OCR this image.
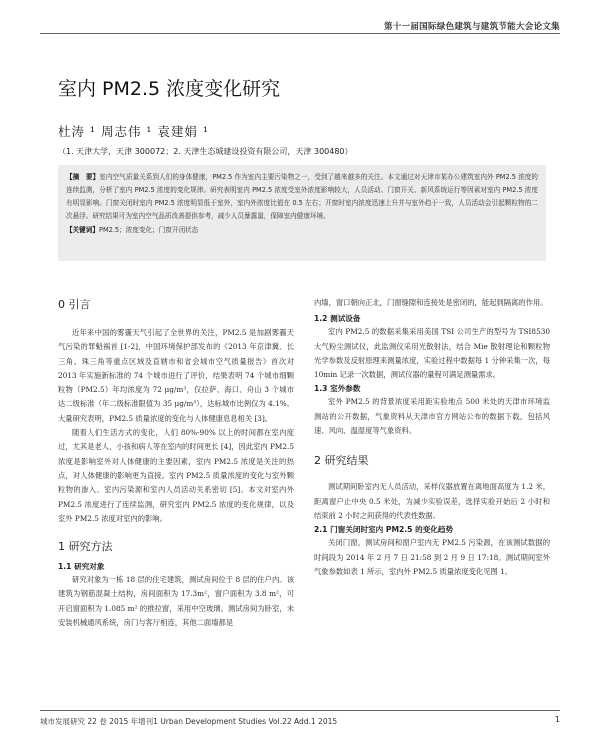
第十一届国际绿色建筑与建筑节能大会论文集
室内 PM2.5 浓度变化研究
杜涛 ¹ 周志伟 ¹ 袁建娟 ¹
（1. 天津大学，天津 300072；2. 天津生态城建设投资有限公司，天津 300480）

【摘　要】室内空气质量关系到人们的身体健康，PM2.5 作为室内主要污染物之一，受到了越来越多的关注。本文通过对天津市某办公建筑室内外 PM2.5 浓度的连续监测，分析了室内 PM2.5 浓度的变化规律。研究表明室内 PM2.5 浓度受室外浓度影响较大，人员活动、门窗开关、新风系统运行等因素对室内 PM2.5 浓度有明显影响。门窗关闭时室内 PM2.5 浓度明显低于室外，室内外浓度比值在 0.5 左右；开窗时室内浓度迅速上升并与室外趋于一致，人员活动会引起颗粒物的二次悬浮。研究结果可为室内空气品质改善提供参考，减少人员暴露量，保障室内健康环境。

【关键词】PM2.5；浓度变化；门窗开闭状态

0 引言

近年来中国的雾霾天气引起了全世界的关注，PM2.5 是加剧雾霾天气污染的罪魁祸首 [1-2]，中国环境保护部发布的《2013 年京津冀、长三角、珠三角等重点区域及直辖市和省会城市空气质量报告》首次对 2013 年实施新标准的 74 个城市进行了评价，结果表明 74 个城市细颗粒物（PM2.5）年均浓度为 72 μg/m³，仅拉萨、海口、舟山 3 个城市达二级标准（年二级标准限值为 35 μg/m³），达标城市比例仅为 4.1%。大量研究表明，PM2.5 质量浓度的变化与人体健康息息相关 [3]。

随着人们生活方式的变化，人们 80%-90% 以上的时间都在室内度过，尤其是老人、小孩和病人等在室内的时间更长 [4]，因此室内 PM2.5 浓度是影响室外对人体健康的主要因素，室内 PM2.5 浓度是关注的热点，对人体健康的影响更为直接。室内 PM2.5 质量浓度的变化与室外颗粒物的渗入、室内污染源和室内人员活动关系密切 [5]。本文对室内外 PM2.5 浓度进行了连续监测，研究室内 PM2.5 浓度的变化规律，以及室外 PM2.5 浓度对室内的影响。

1 研究方法
1.1 研究对象

研究对象为一栋 18 层的住宅建筑，测试房间位于 8 层的住户内。该建筑为钢筋混凝土结构，房间面积为 17.3m²，窗户面积为 3.8 m²，可开启窗面积为 1.085 m² 的推拉窗，采用中空玻璃。测试房间为卧室，未安装机械通风系统，房门与客厅相连，其他二面墙都是

内墙，窗口朝向正北，门窗缝隙和连接处是密闭的，能起到隔离的作用。

1.2 测试设备

室内 PM2.5 的数据采集采用美国 TSI 公司生产的型号为 TSI8530 大气粉尘测试仪，此监测仪采用光散射法，结合 Mie 散射理论和颗粒物光学参数及反射原理来测量浓度，实验过程中数据每 1 分钟采集一次，每 10min 记录一次数据，测试仪器的量程可满足测量需求。

1.3 室外参数

室外 PM2.5 的背景浓度采用距实验地点 500 米处的天津市环境监测站的公开数据，气象资料从天津市官方网站公布的数据下载，包括风速、风向、温湿度等气象资料。

2 研究结果

测试期间卧室内无人员活动，采样仪器放置在离地面高度为 1.2 米，距离窗户止中央 0.5 米处，为减少实验误差，选择实验开始后 2 小时和结束前 2 小时之间获得的代表性数据。

2.1 门窗关闭时室内 PM2.5 的变化趋势

关闭门窗，测试房间和窗户室内无 PM2.5 污染源，在该测试数据的时间段为 2014 年 2 月 7 日 21:58 到 2 月 9 日 17:18。测试期间室外气象参数如表 1 所示，室内外 PM2.5 质量浓度变化见图 1。

城市发展研究 22 卷 2015 年增刊1 Urban Development Studies Vol.22 Add.1 2015	1
